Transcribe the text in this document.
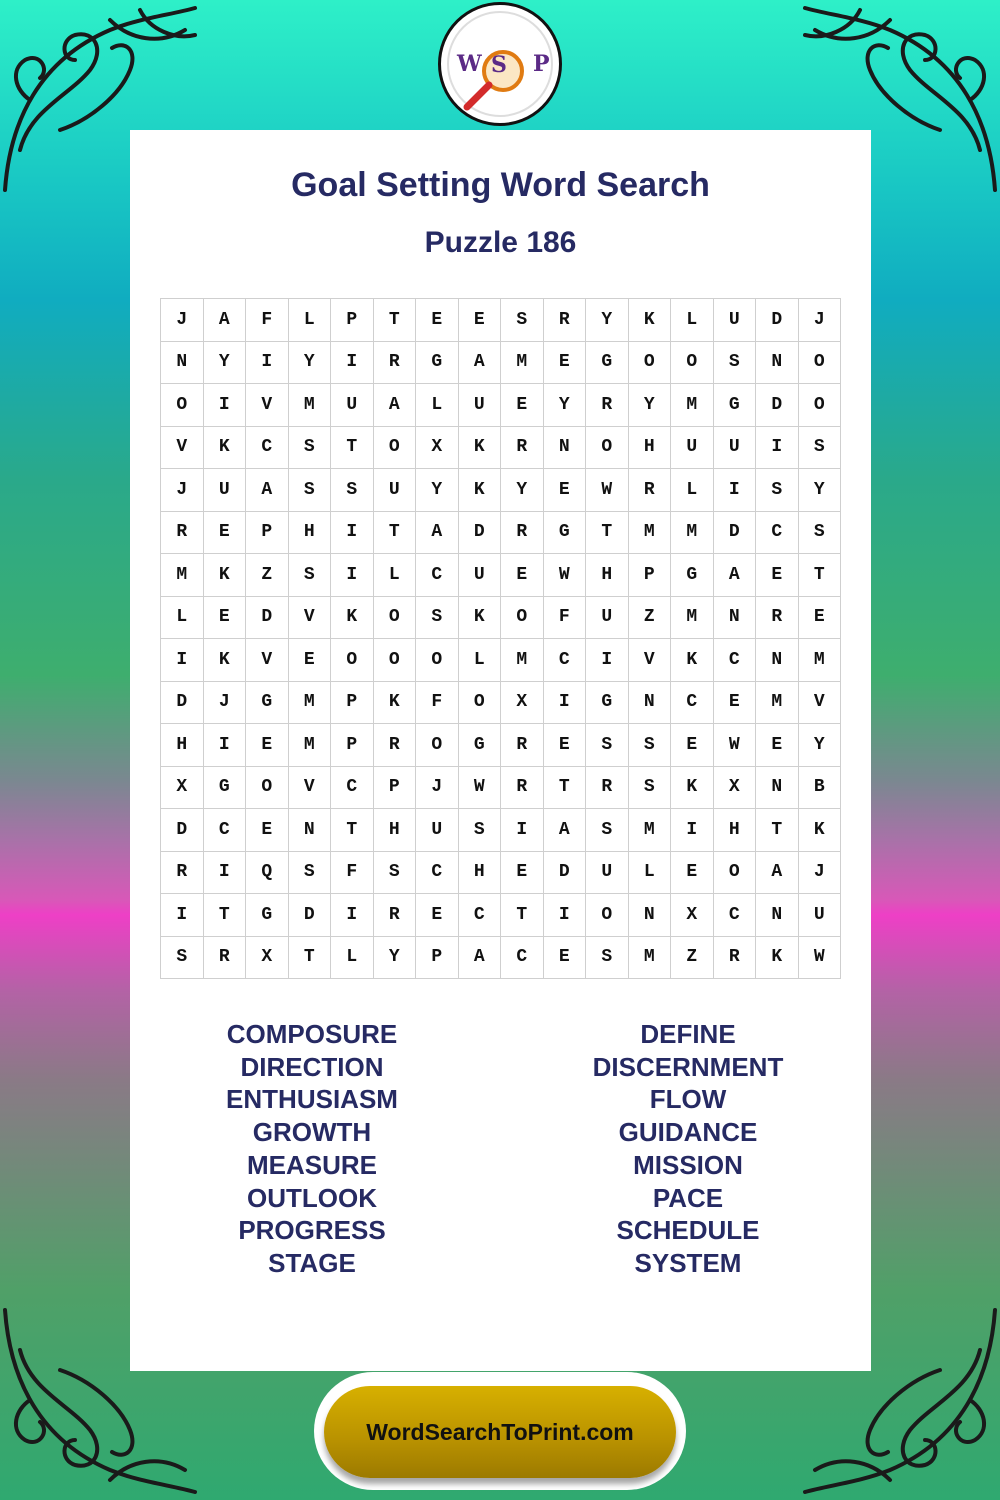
W S P
Goal Setting Word Search
Puzzle 186
J	A	F	L	P	T	E	E	S	R	Y	K	L	U	D	J
N	Y	I	Y	I	R	G	A	M	E	G	O	O	S	N	O
O	I	V	M	U	A	L	U	E	Y	R	Y	M	G	D	O
V	K	C	S	T	O	X	K	R	N	O	H	U	U	I	S
J	U	A	S	S	U	Y	K	Y	E	W	R	L	I	S	Y
R	E	P	H	I	T	A	D	R	G	T	M	M	D	C	S
M	K	Z	S	I	L	C	U	E	W	H	P	G	A	E	T
L	E	D	V	K	O	S	K	O	F	U	Z	M	N	R	E
I	K	V	E	O	O	O	L	M	C	I	V	K	C	N	M
D	J	G	M	P	K	F	O	X	I	G	N	C	E	M	V
H	I	E	M	P	R	O	G	R	E	S	S	E	W	E	Y
X	G	O	V	C	P	J	W	R	T	R	S	K	X	N	B
D	C	E	N	T	H	U	S	I	A	S	M	I	H	T	K
R	I	Q	S	F	S	C	H	E	D	U	L	E	O	A	J
I	T	G	D	I	R	E	C	T	I	O	N	X	C	N	U
S	R	X	T	L	Y	P	A	C	E	S	M	Z	R	K	W
COMPOSURE
DIRECTION
ENTHUSIASM
GROWTH
MEASURE
OUTLOOK
PROGRESS
STAGE
DEFINE
DISCERNMENT
FLOW
GUIDANCE
MISSION
PACE
SCHEDULE
SYSTEM
WordSearchToPrint.com
